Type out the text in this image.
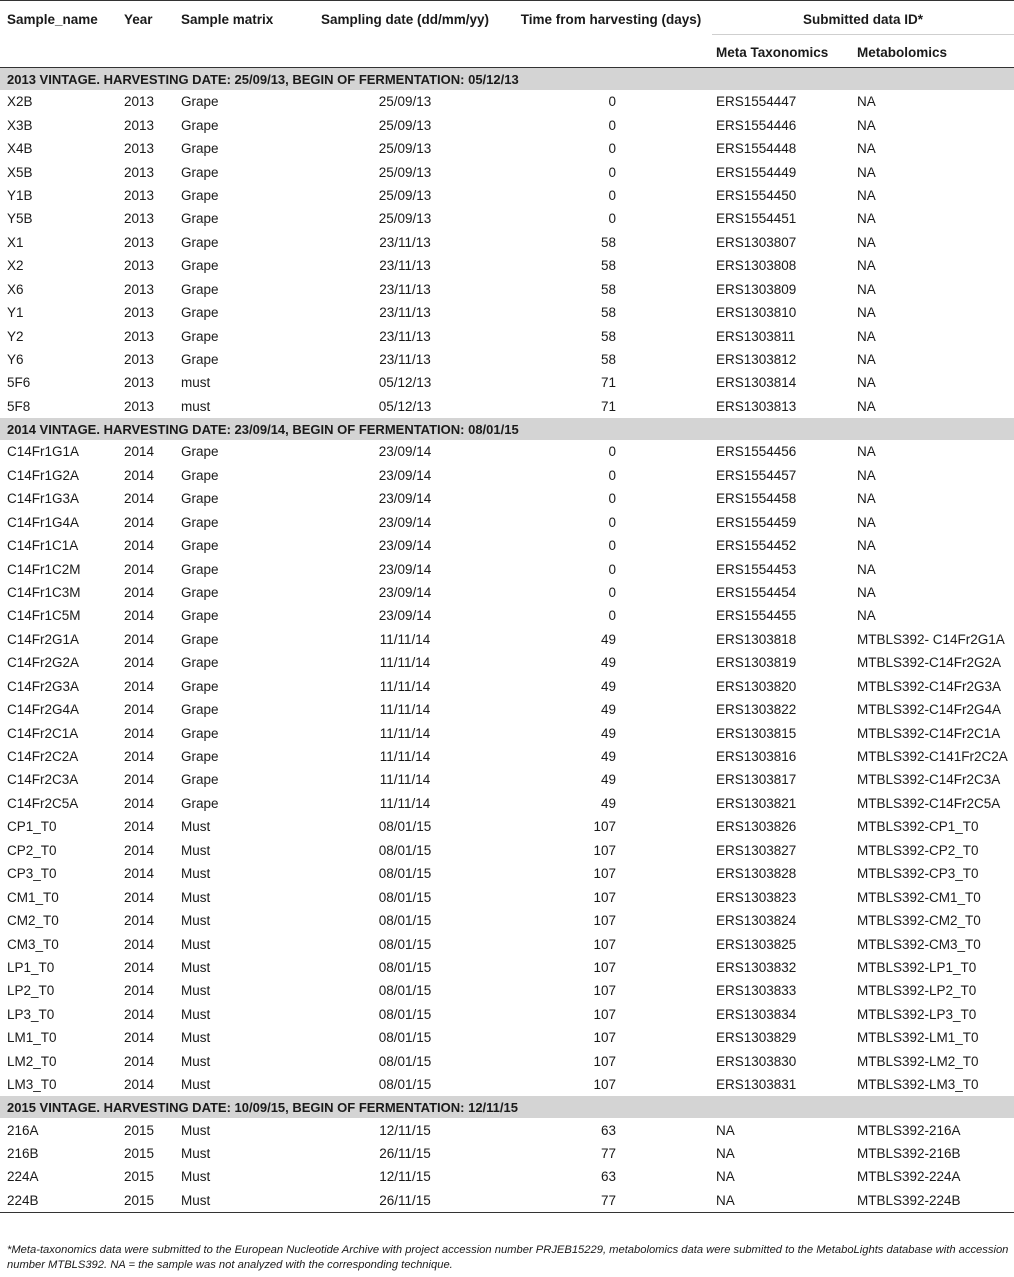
Sample_name	Year	Sample matrix	Sampling date (dd/mm/yy)	Time from harvesting (days)	Submitted data ID*	
					Meta Taxonomics	Metabolomics
2013 VINTAGE. HARVESTING DATE: 25/09/13, BEGIN OF FERMENTATION: 05/12/13						
X2B	2013	Grape	25/09/13	0	ERS1554447	NA
X3B	2013	Grape	25/09/13	0	ERS1554446	NA
X4B	2013	Grape	25/09/13	0	ERS1554448	NA
X5B	2013	Grape	25/09/13	0	ERS1554449	NA
Y1B	2013	Grape	25/09/13	0	ERS1554450	NA
Y5B	2013	Grape	25/09/13	0	ERS1554451	NA
X1	2013	Grape	23/11/13	58	ERS1303807	NA
X2	2013	Grape	23/11/13	58	ERS1303808	NA
X6	2013	Grape	23/11/13	58	ERS1303809	NA
Y1	2013	Grape	23/11/13	58	ERS1303810	NA
Y2	2013	Grape	23/11/13	58	ERS1303811	NA
Y6	2013	Grape	23/11/13	58	ERS1303812	NA
5F6	2013	must	05/12/13	71	ERS1303814	NA
5F8	2013	must	05/12/13	71	ERS1303813	NA
2014 VINTAGE. HARVESTING DATE: 23/09/14, BEGIN OF FERMENTATION: 08/01/15						
C14Fr1G1A	2014	Grape	23/09/14	0	ERS1554456	NA
C14Fr1G2A	2014	Grape	23/09/14	0	ERS1554457	NA
C14Fr1G3A	2014	Grape	23/09/14	0	ERS1554458	NA
C14Fr1G4A	2014	Grape	23/09/14	0	ERS1554459	NA
C14Fr1C1A	2014	Grape	23/09/14	0	ERS1554452	NA
C14Fr1C2M	2014	Grape	23/09/14	0	ERS1554453	NA
C14Fr1C3M	2014	Grape	23/09/14	0	ERS1554454	NA
C14Fr1C5M	2014	Grape	23/09/14	0	ERS1554455	NA
C14Fr2G1A	2014	Grape	11/11/14	49	ERS1303818	MTBLS392- C14Fr2G1A
C14Fr2G2A	2014	Grape	11/11/14	49	ERS1303819	MTBLS392-C14Fr2G2A
C14Fr2G3A	2014	Grape	11/11/14	49	ERS1303820	MTBLS392-C14Fr2G3A
C14Fr2G4A	2014	Grape	11/11/14	49	ERS1303822	MTBLS392-C14Fr2G4A
C14Fr2C1A	2014	Grape	11/11/14	49	ERS1303815	MTBLS392-C14Fr2C1A
C14Fr2C2A	2014	Grape	11/11/14	49	ERS1303816	MTBLS392-C141Fr2C2A
C14Fr2C3A	2014	Grape	11/11/14	49	ERS1303817	MTBLS392-C14Fr2C3A
C14Fr2C5A	2014	Grape	11/11/14	49	ERS1303821	MTBLS392-C14Fr2C5A
CP1_T0	2014	Must	08/01/15	107	ERS1303826	MTBLS392-CP1_T0
CP2_T0	2014	Must	08/01/15	107	ERS1303827	MTBLS392-CP2_T0
CP3_T0	2014	Must	08/01/15	107	ERS1303828	MTBLS392-CP3_T0
CM1_T0	2014	Must	08/01/15	107	ERS1303823	MTBLS392-CM1_T0
CM2_T0	2014	Must	08/01/15	107	ERS1303824	MTBLS392-CM2_T0
CM3_T0	2014	Must	08/01/15	107	ERS1303825	MTBLS392-CM3_T0
LP1_T0	2014	Must	08/01/15	107	ERS1303832	MTBLS392-LP1_T0
LP2_T0	2014	Must	08/01/15	107	ERS1303833	MTBLS392-LP2_T0
LP3_T0	2014	Must	08/01/15	107	ERS1303834	MTBLS392-LP3_T0
LM1_T0	2014	Must	08/01/15	107	ERS1303829	MTBLS392-LM1_T0
LM2_T0	2014	Must	08/01/15	107	ERS1303830	MTBLS392-LM2_T0
LM3_T0	2014	Must	08/01/15	107	ERS1303831	MTBLS392-LM3_T0
2015 VINTAGE. HARVESTING DATE: 10/09/15, BEGIN OF FERMENTATION: 12/11/15						
216A	2015	Must	12/11/15	63	NA	MTBLS392-216A
216B	2015	Must	26/11/15	77	NA	MTBLS392-216B
224A	2015	Must	12/11/15	63	NA	MTBLS392-224A
224B	2015	Must	26/11/15	77	NA	MTBLS392-224B
*Meta-taxonomics data were submitted to the European Nucleotide Archive with project accession number PRJEB15229, metabolomics data were submitted to the MetaboLights database with accession number MTBLS392. NA = the sample was not analyzed with the corresponding technique.
